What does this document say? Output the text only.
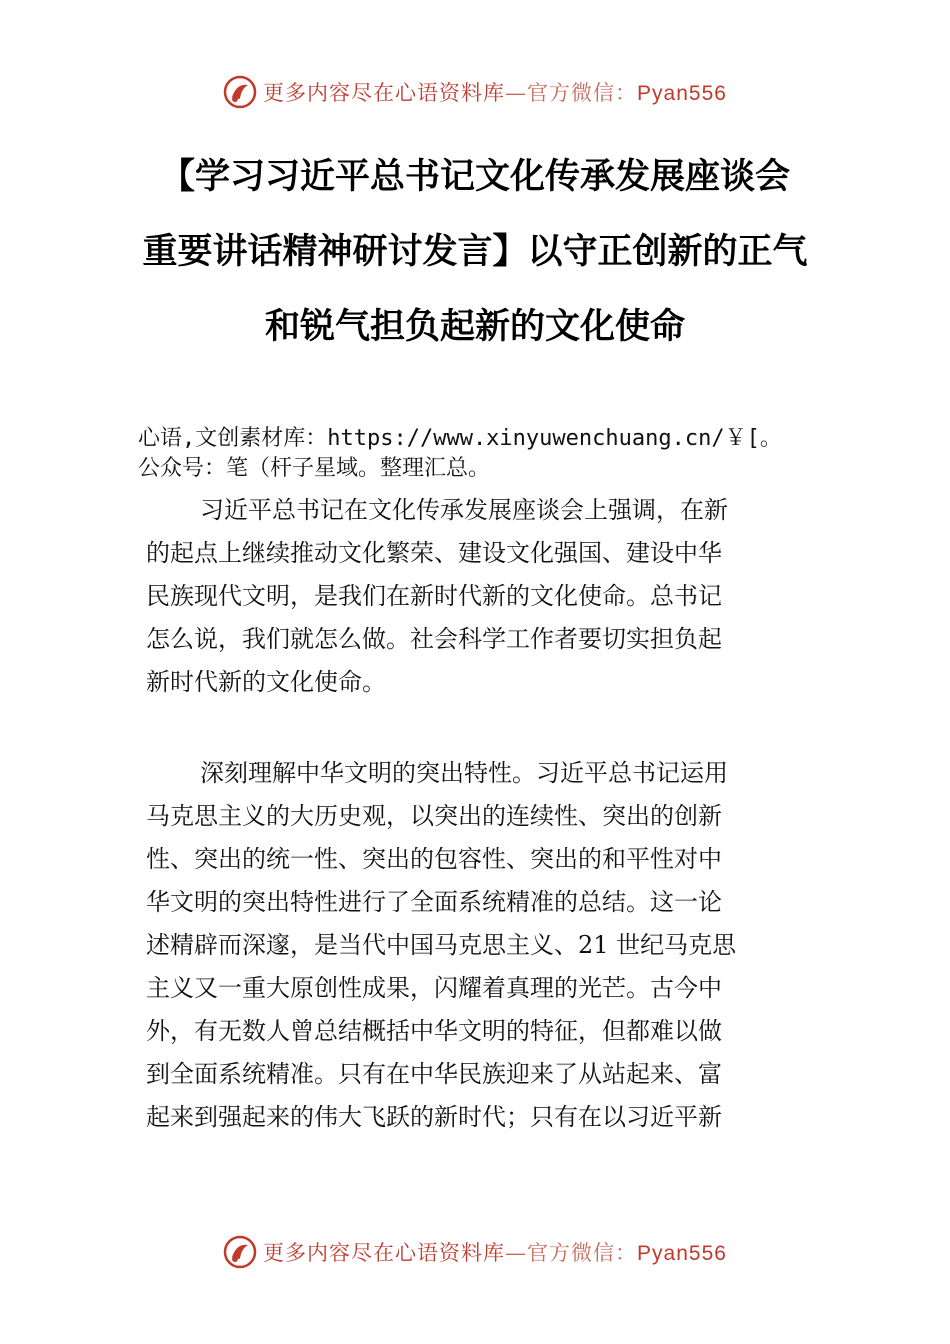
更多内容尽在心语资料库—官方微信：Pyan556
【学习习近平总书记文化传承发展座谈会
重要讲话精神研讨发言】以守正创新的正气
和锐气担负起新的文化使命
心语,文创素材库：https://www.xinyuwenchuang.cn/￥[。
公众号：笔（杆子星域。整理汇总。
习近平总书记在文化传承发展座谈会上强调，在新
的起点上继续推动文化繁荣、建设文化强国、建设中华
民族现代文明，是我们在新时代新的文化使命。总书记
怎么说，我们就怎么做。社会科学工作者要切实担负起
新时代新的文化使命。
深刻理解中华文明的突出特性。习近平总书记运用
马克思主义的大历史观，以突出的连续性、突出的创新
性、突出的统一性、突出的包容性、突出的和平性对中
华文明的突出特性进行了全面系统精准的总结。这一论
述精辟而深邃，是当代中国马克思主义、21 世纪马克思
主义又一重大原创性成果，闪耀着真理的光芒。古今中
外，有无数人曾总结概括中华文明的特征，但都难以做
到全面系统精准。只有在中华民族迎来了从站起来、富
起来到强起来的伟大飞跃的新时代；只有在以习近平新
更多内容尽在心语资料库—官方微信：Pyan556
